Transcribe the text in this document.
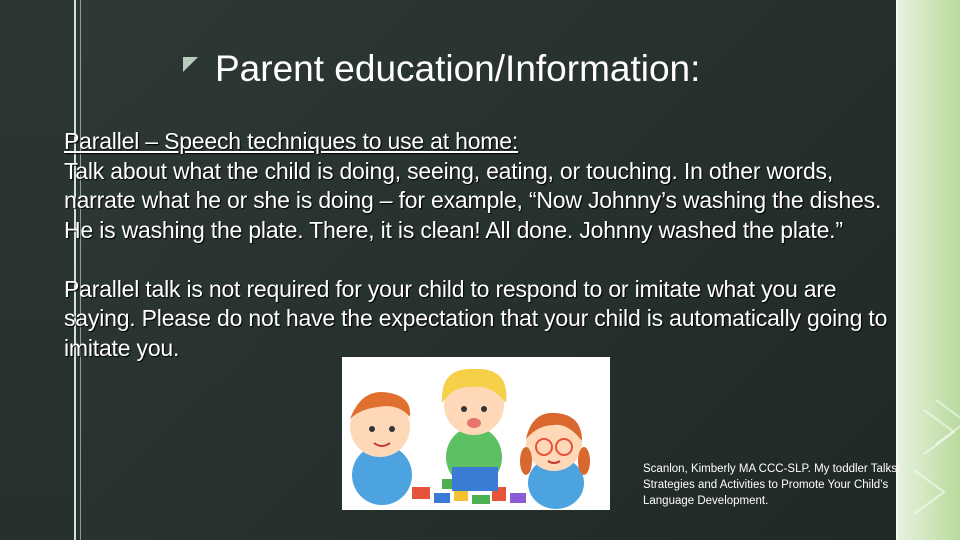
Parent education/Information:

Parallel – Speech techniques to use at home:

Talk about what the child is doing, seeing, eating, or touching. In other words, narrate what he or she is doing – for example, “Now Johnny’s washing the dishes. He is washing the plate. There, it is clean! All done. Johnny washed the plate.”

Parallel talk is not required for your child to respond to or imitate what you are saying. Please do not have the expectation that your child is automatically going to imitate you.

Scanlon, Kimberly MA CCC-SLP. My toddler Talks: Strategies and Activities to Promote Your Child’s Language Development.
